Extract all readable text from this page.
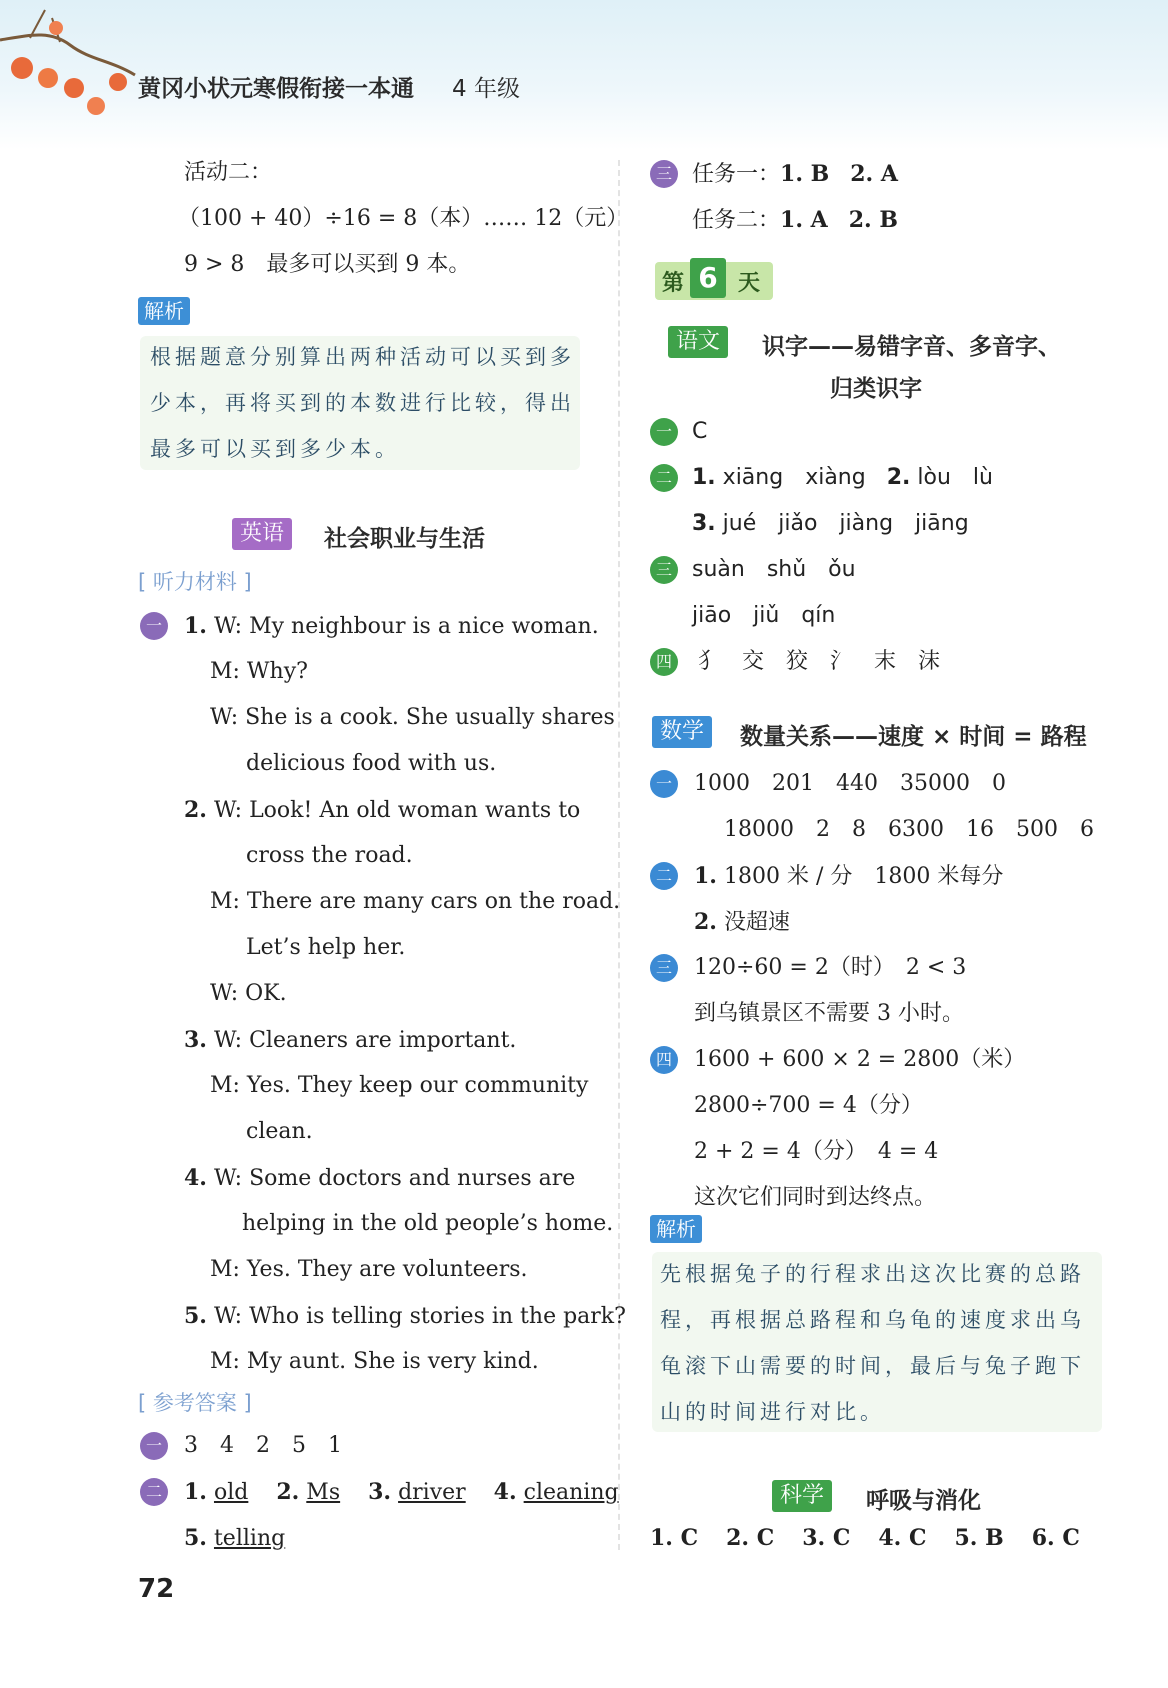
黄冈小状元寒假衔接一本通 4 年级
活动二：
（100 + 40）÷16 = 8（本）…… 12（元）
9 > 8　最多可以买到 9 本。
解析
根据题意分别算出两种活动可以买到多
少本，再将买到的本数进行比较，得出
最多可以买到多少本。
英语	社会职业与生活
[ 听力材料 ]
一 1. W: My neighbour is a nice woman.
M: Why?
W: She is a cook. She usually shares
delicious food with us.
2. W: Look! An old woman wants to
cross the road.
M: There are many cars on the road.
Let’s help her.
W: OK.
3. W: Cleaners are important.
M: Yes. They keep our community
clean.
4. W: Some doctors and nurses are
helping in the old people’s home.
M: Yes. They are volunteers.
5. W: Who is telling stories in the park?
M: My aunt. She is very kind.
[ 参考答案 ]
一 3　4　2　5　1
二 1. old 2. Ms 3. driver 4. cleaning
5. telling
72
三 任务一：1. B 2. A
任务二：1. A 2. B
第 6 天
语文	识字——易错字音、多音字、
归类识字
一 C
二 1. xiāng　xiàng 2. lòu　lù
3. jué　jiǎo　jiàng　jiāng
三 suàn　shǔ　ǒu
jiāo　jiǔ　qín
四 犭　交　狡　氵　末　沫
数学	数量关系——速度 × 时间 = 路程
一 1000　201　440　35000　0
18000　2　8　6300　16　500　6
二 1. 1800 米 / 分　1800 米每分
2. 没超速
三 120÷60 = 2（时）　2 < 3
到乌镇景区不需要 3 小时。
四 1600 + 600 × 2 = 2800（米）
2800÷700 = 4（分）
2 + 2 = 4（分）　4 = 4
这次它们同时到达终点。
解析
先根据兔子的行程求出这次比赛的总路
程，再根据总路程和乌龟的速度求出乌
龟滚下山需要的时间，最后与兔子跑下
山的时间进行对比。
科学	呼吸与消化
1. C 2. C 3. C 4. C 5. B 6. C
